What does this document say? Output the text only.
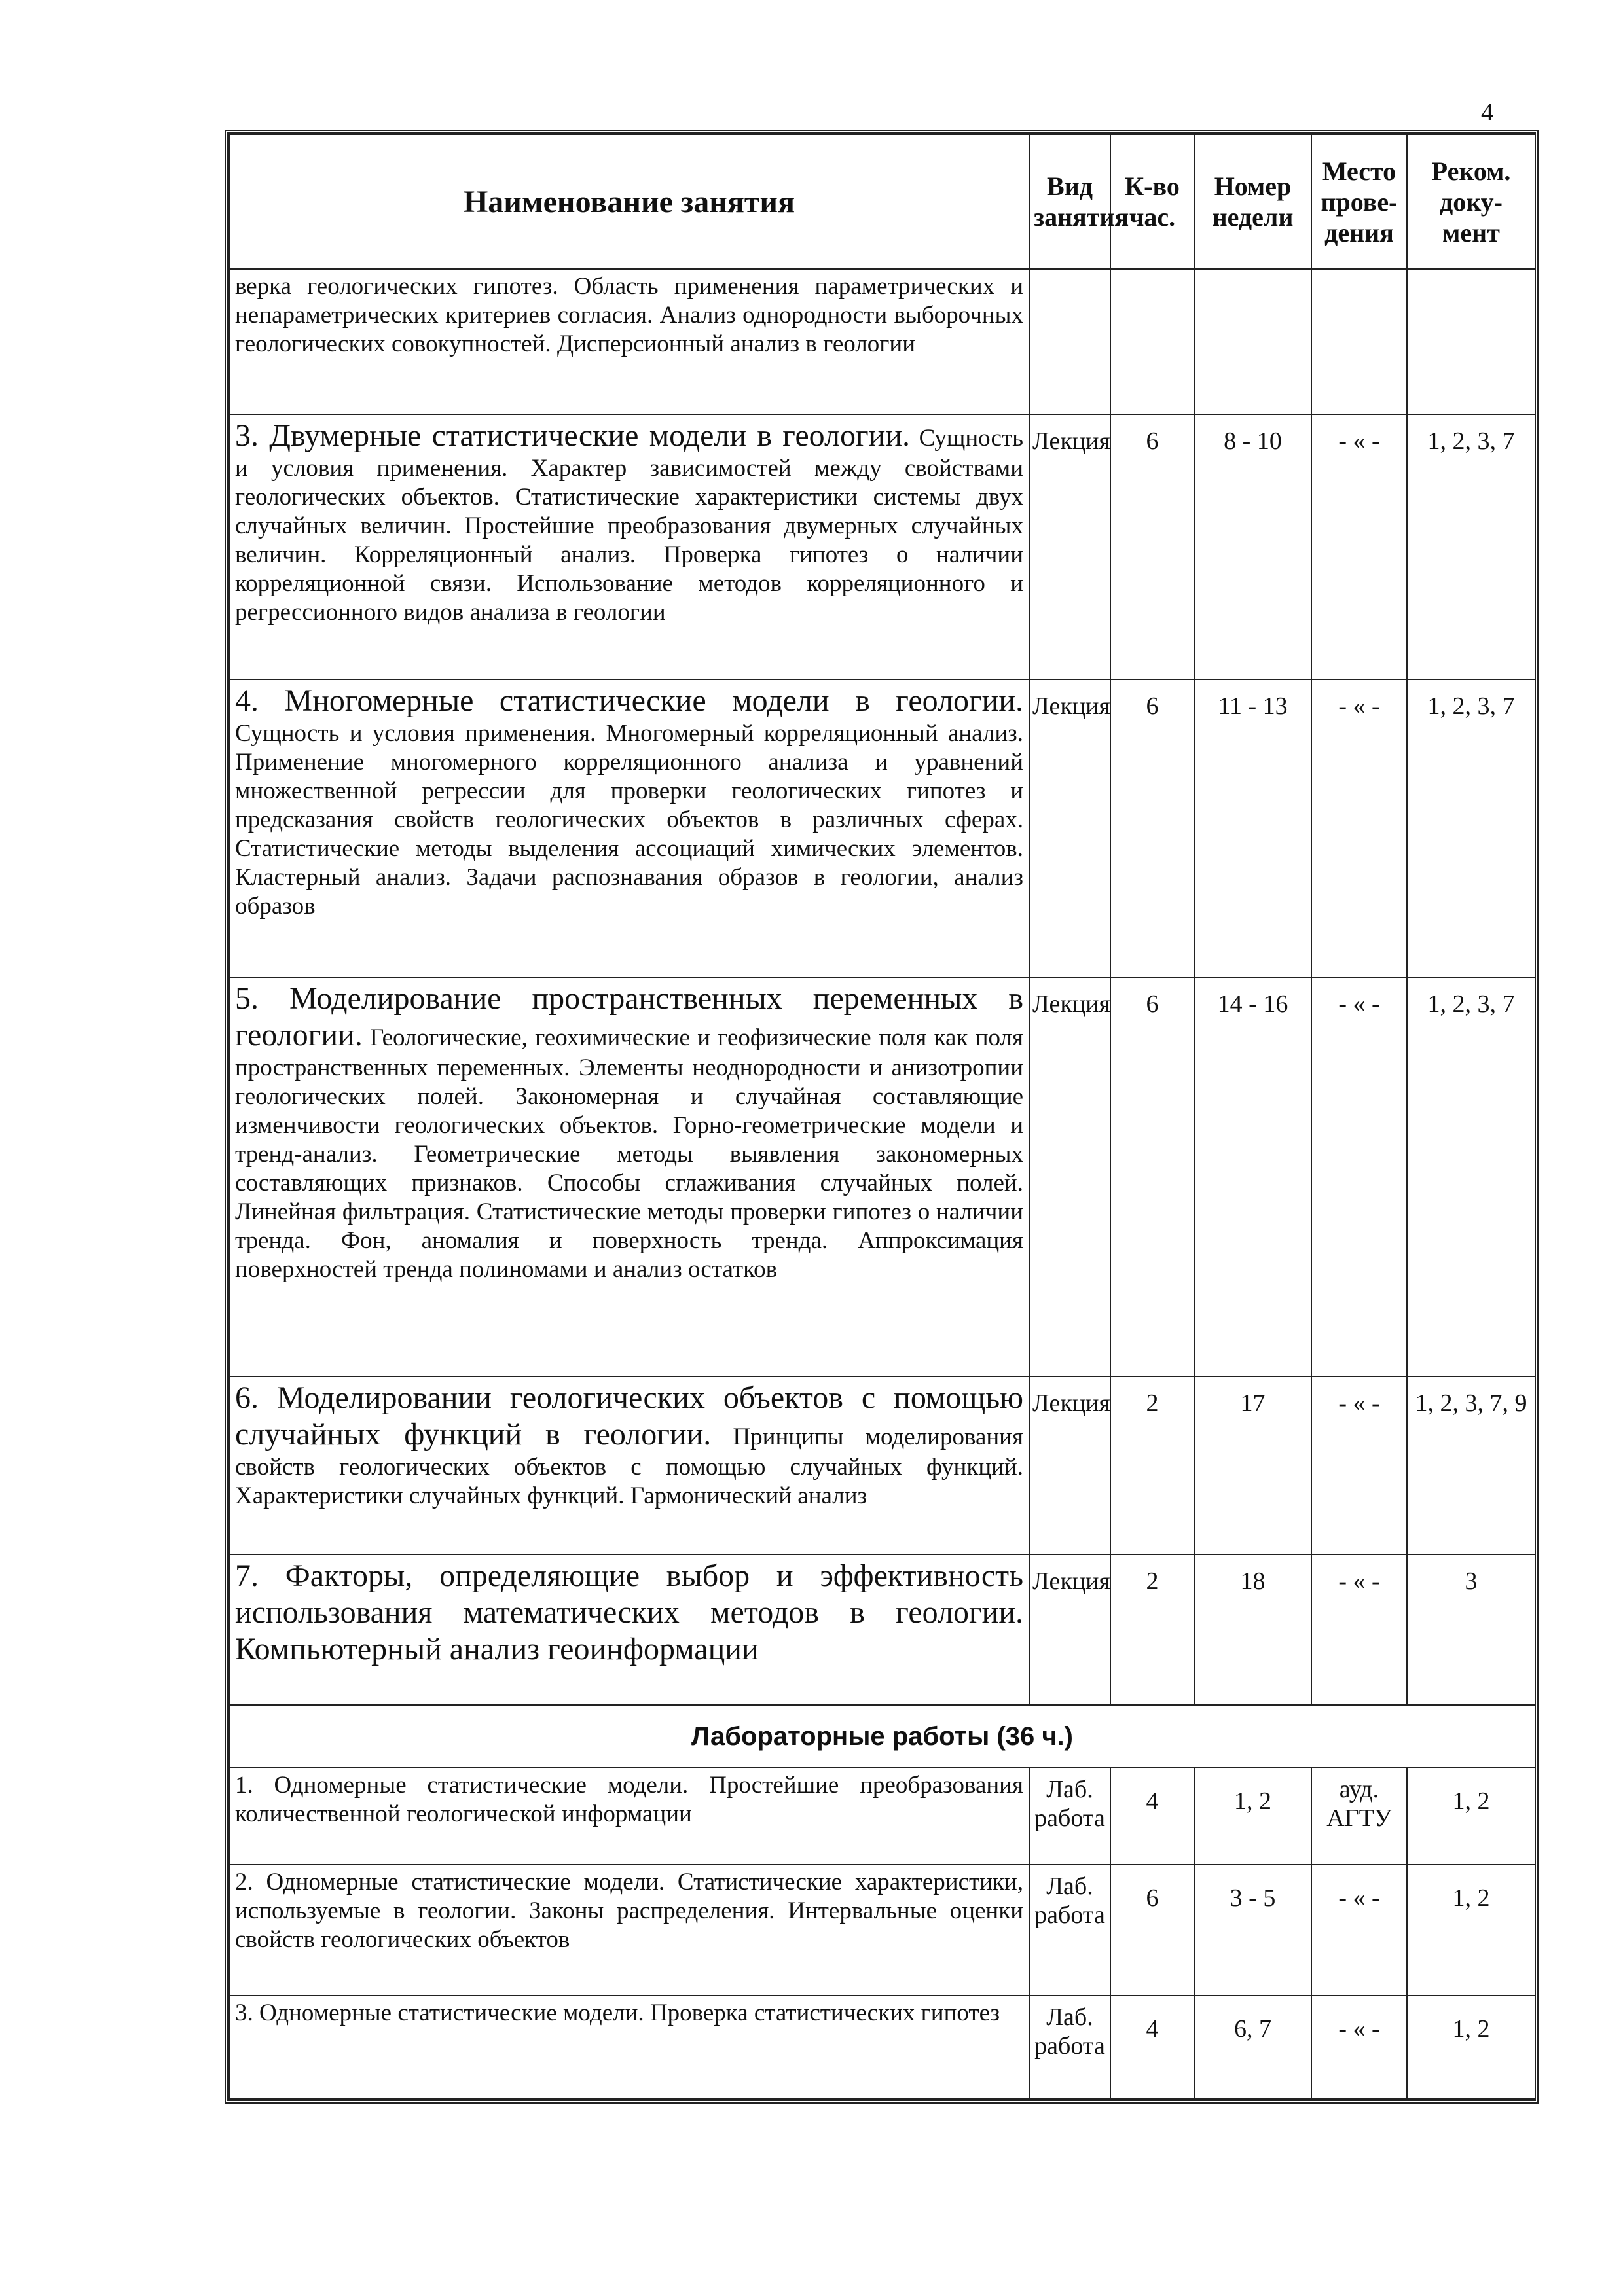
4
Наименование занятия	Вид занятия	К-во час.	Номер недели	Место прове-дения	Реком. доку-мент
верка геологических гипотез. Область применения параметрических и непараметрических критериев согласия. Анализ однородности выборочных геологических совокупностей. Дисперсионный анализ в геологии					
3. Двумерные статистические модели в геологии. Сущность и условия применения. Характер зависимостей между свойствами геологических объектов. Статистические характеристики системы двух случайных величин. Простейшие преобразования двумерных случайных величин. Корреляционный анализ. Проверка гипотез о наличии корреляционной связи. Использование методов корреляционного и регрессионного видов анализа в геологии	Лекция	6	8 - 10	- « -	1, 2, 3, 7
4. Многомерные статистические модели в геологии. Сущность и условия применения. Многомерный корреляционный анализ. Применение многомерного корреляционного анализа и уравнений множественной регрессии для проверки геологических гипотез и предсказания свойств геологических объектов в различных сферах. Статистические методы выделения ассоциаций химических элементов. Кластерный анализ. Задачи распознавания образов в геологии, анализ образов	Лекция	6	11 - 13	- « -	1, 2, 3, 7
5. Моделирование пространственных переменных в геологии. Геологические, геохимические и геофизические поля как поля пространственных переменных. Элементы неоднородности и анизотропии геологических полей. Закономерная и случайная составляющие изменчивости геологических объектов. Горно-геометрические модели и тренд-анализ. Геометрические методы выявления закономерных составляющих признаков. Способы сглаживания случайных полей. Линейная фильтрация. Статистические методы проверки гипотез о наличии тренда. Фон, аномалия и поверхность тренда. Аппроксимация поверхностей тренда полиномами и анализ остатков	Лекция	6	14 - 16	- « -	1, 2, 3, 7
6. Моделировании геологических объектов с помощью случайных функций в геологии. Принципы моделирования свойств геологических объектов с помощью случайных функций. Характеристики случайных функций. Гармонический анализ	Лекция	2	17	- « -	1, 2, 3, 7, 9
7. Факторы, определяющие выбор и эффективность использования математических методов в геологии. Компьютерный анализ геоинформации	Лекция	2	18	- « -	3
Лабораторные работы (36 ч.)					
1. Одномерные статистические модели. Простейшие преобразования количественной геологической информации	Лаб. работа	4	1, 2	ауд. АГТУ	1, 2
2. Одномерные статистические модели. Статистические характеристики, используемые в геологии. Законы распределения. Интервальные оценки свойств геологических объектов	Лаб. работа	6	3 - 5	- « -	1, 2
3. Одномерные статистические модели. Проверка статистических гипотез	Лаб. работа	4	6, 7	- « -	1, 2
